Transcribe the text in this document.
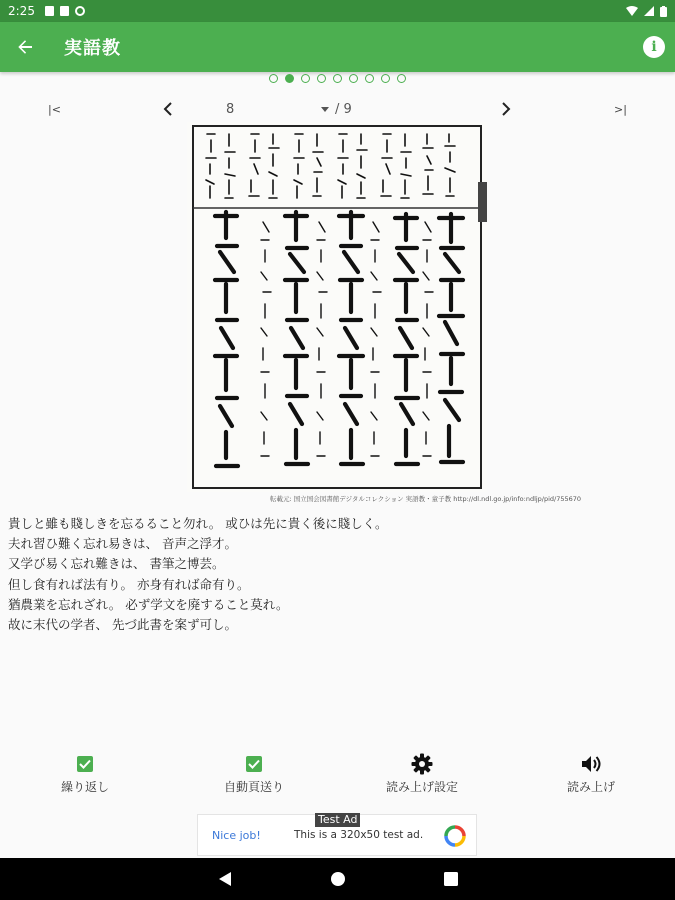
2:25
実語教	i
|<	8	/ 9	>|
転載元: 国立国会図書館デジタルコレクション 実語教・童子教 http://dl.ndl.go.jp/info:ndljp/pid/755670
貴しと雖も賤しきを忘るること勿れ。 或ひは先に貴く後に賤しく。
夫れ習ひ難く忘れ易きは、 音声之浮才。
又学び易く忘れ難きは、 書筆之博芸。
但し食有れば法有り。 亦身有れば命有り。
猶農業を忘れざれ。 必ず学文を廃すること莫れ。
故に末代の学者、 先づ此書を案ず可し。
繰り返し	自動頁送り	読み上げ設定	読み上げ
Test Ad
Nice job!	This is a 320x50 test ad.
